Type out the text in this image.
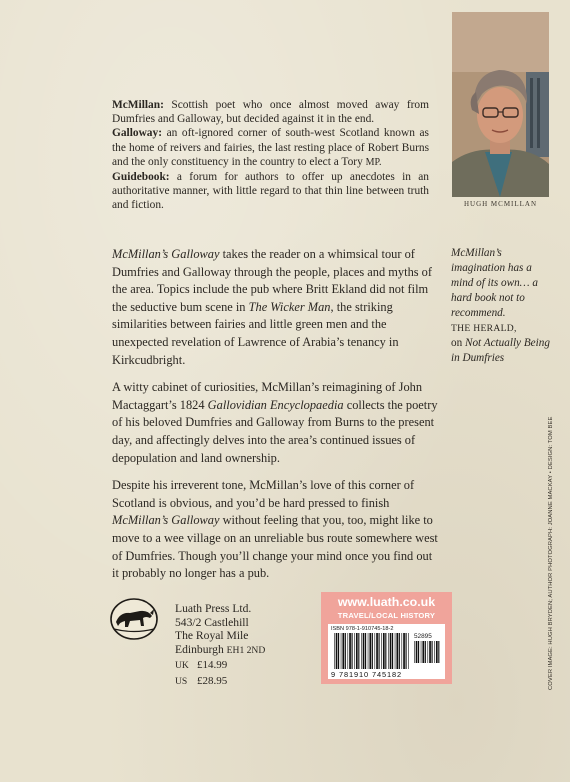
HUGH MCMILLAN

McMillan: Scottish poet who once almost moved away from Dumfries and Galloway, but decided against it in the end.

Galloway: an oft-ignored corner of south-west Scotland known as the home of reivers and fairies, the last resting place of Robert Burns and the only constituency in the country to elect a Tory MP.

Guidebook: a forum for authors to offer up anecdotes in an authoritative manner, with little regard to that thin line between truth and fiction.

McMillan’s Galloway takes the reader on a whimsical tour of Dumfries and Galloway through the people, places and myths of the area. Topics include the pub where Britt Ekland did not film the seductive bum scene in The Wicker Man, the striking similarities between fairies and little green men and the unexpected revelation of Lawrence of Arabia’s tenancy in Kirkcudbright.

A witty cabinet of curiosities, McMillan’s reimagining of John Mactaggart’s 1824 Gallovidian Encyclopaedia collects the poetry of his beloved Dumfries and Galloway from Burns to the present day, and affectingly delves into the area’s continued issues of depopulation and land ownership.

Despite his irreverent tone, McMillan’s love of this corner of Scotland is obvious, and you’d be hard pressed to finish McMillan’s Galloway without feeling that you, too, might like to move to a wee village on an unreliable bus route somewhere west of Dumfries. Though you’ll change your mind once you find out it probably no longer has a pub.

McMillan’s imagination has a mind of its own… a hard book not to recommend.
THE HERALD,
on Not Actually Being in Dumfries
Luath Press Ltd.
543/2 Castlehill
The Royal Mile
Edinburgh EH1 2ND
UK £14.99
US £28.95
www.luath.co.uk
TRAVEL/LOCAL HISTORY
ISBN 978-1-910745-18-2
52895
9 781910 745182	COVER IMAGE: HUGH BRYDEN; AUTHOR PHOTOGRAPH: JOANNE MACKAY • DESIGN: TOM BEE
